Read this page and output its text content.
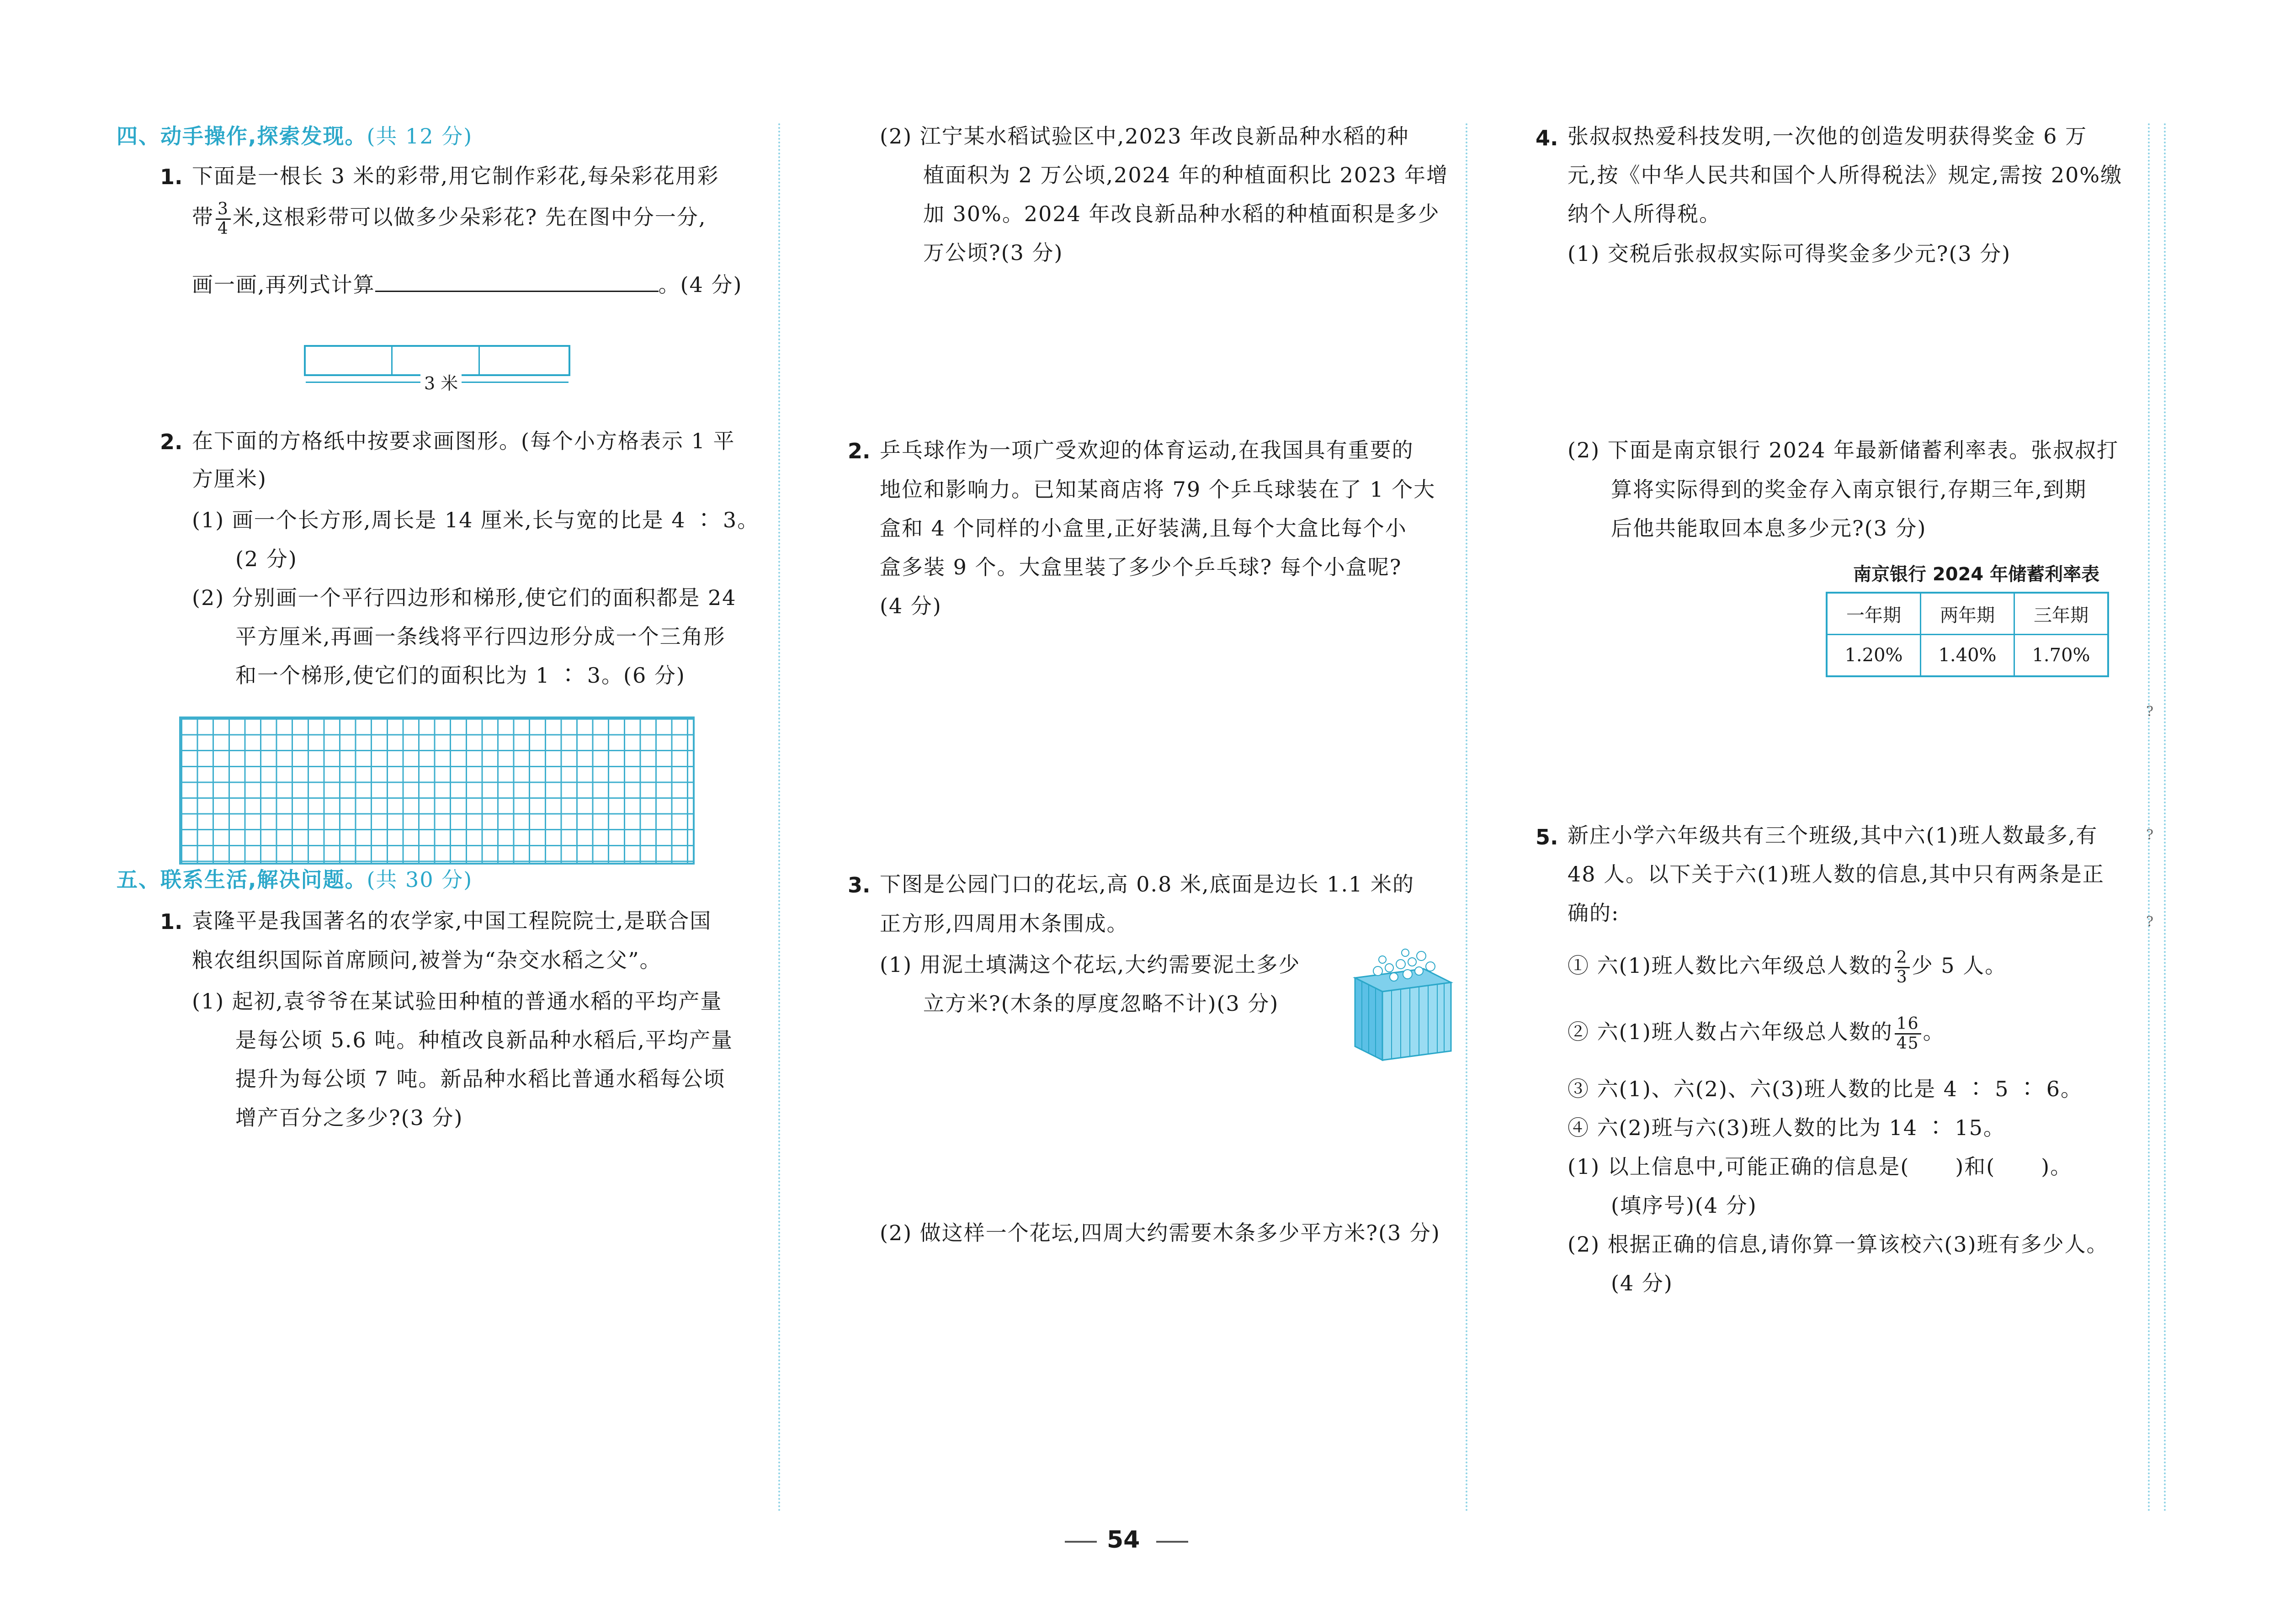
?
?
?
四、动手操作,探索发现。(共 12 分)
1. 下面是一根长 3 米的彩带,用它制作彩花,每朵彩花用彩
带 $\frac{3}{4}$ 米,这根彩带可以做多少朵彩花? 先在图中分一分,
画一画,再列式计算	。(4 分)
3 米
2. 在下面的方格纸中按要求画图形。(每个小方格表示 1 平
方厘米)
(1) 画一个长方形,周长是 14 厘米,长与宽的比是 4 ∶ 3。
(2 分)
(2) 分别画一个平行四边形和梯形,使它们的面积都是 24
平方厘米,再画一条线将平行四边形分成一个三角形
和一个梯形,使它们的面积比为 1 ∶ 3。(6 分)
五、联系生活,解决问题。(共 30 分)
1. 袁隆平是我国著名的农学家,中国工程院院士,是联合国
粮农组织国际首席顾问,被誉为“杂交水稻之父”。
(1) 起初,袁爷爷在某试验田种植的普通水稻的平均产量
是每公顷 5.6 吨。种植改良新品种水稻后,平均产量
提升为每公顷 7 吨。新品种水稻比普通水稻每公顷
增产百分之多少?(3 分)
(2) 江宁某水稻试验区中,2023 年改良新品种水稻的种
植面积为 2 万公顷,2024 年的种植面积比 2023 年增
加 30%。2024 年改良新品种水稻的种植面积是多少
万公顷?(3 分)
2. 乒乓球作为一项广受欢迎的体育运动,在我国具有重要的
地位和影响力。已知某商店将 79 个乒乓球装在了 1 个大
盒和 4 个同样的小盒里,正好装满,且每个大盒比每个小
盒多装 9 个。大盒里装了多少个乒乓球? 每个小盒呢?
(4 分)
3. 下图是公园门口的花坛,高 0.8 米,底面是边长 1.1 米的
正方形,四周用木条围成。
(1) 用泥土填满这个花坛,大约需要泥土多少
立方米?(木条的厚度忽略不计)(3 分)
(2) 做这样一个花坛,四周大约需要木条多少平方米?(3 分)
4. 张叔叔热爱科技发明,一次他的创造发明获得奖金 6 万
元,按《中华人民共和国个人所得税法》规定,需按 20%缴
纳个人所得税。
(1) 交税后张叔叔实际可得奖金多少元?(3 分)
(2) 下面是南京银行 2024 年最新储蓄利率表。张叔叔打
算将实际得到的奖金存入南京银行,存期三年,到期
后他共能取回本息多少元?(3 分)
南京银行 2024 年储蓄利率表
一年期	两年期	三年期
1.20%	1.40%	1.70%
5. 新庄小学六年级共有三个班级,其中六(1)班人数最多,有
48 人。以下关于六(1)班人数的信息,其中只有两条是正
确的:
① 六(1)班人数比六年级总人数的 $\frac{2}{3}$ 少 5 人。
② 六(1)班人数占六年级总人数的 $\frac{16}{45}$ 。
③ 六(1)、六(2)、六(3)班人数的比是 4 ∶ 5 ∶ 6。
④ 六(2)班与六(3)班人数的比为 14 ∶ 15。
(1) 以上信息中,可能正确的信息是( )和( )。
(填序号)(4 分)
(2) 根据正确的信息,请你算一算该校六(3)班有多少人。
(4 分)
54
